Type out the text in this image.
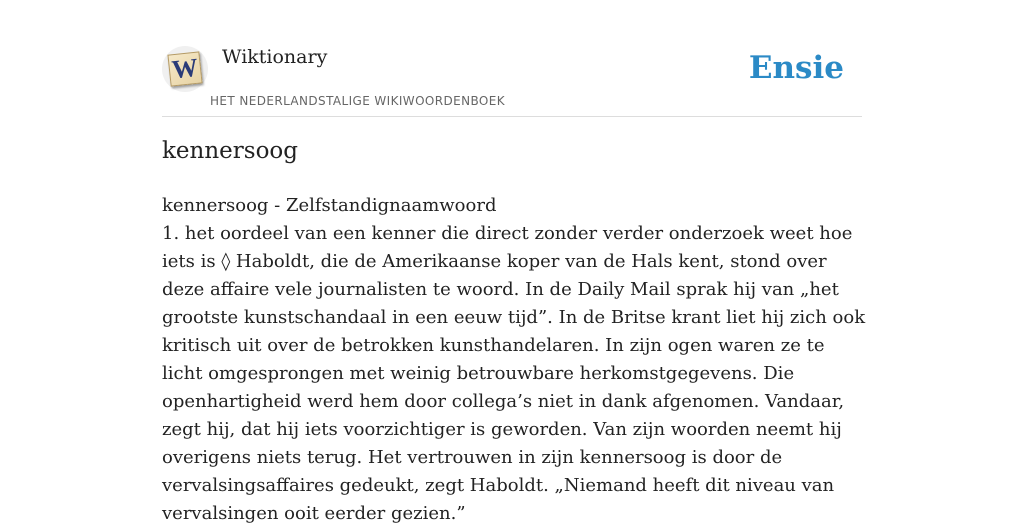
W Wiktionary
HET NEDERLANDSTALIGE WIKIWOORDENBOEK
Ensie
kennersoog

kennersoog - Zelfstandignaamwoord

1. het oordeel van een kenner die direct zonder verder onderzoek weet hoe iets is ◊ Haboldt, die de Amerikaanse koper van de Hals kent, stond over deze affaire vele journalisten te woord. In de Daily Mail sprak hij van „het grootste kunstschandaal in een eeuw tijd”. In de Britse krant liet hij zich ook kritisch uit over de betrokken kunsthandelaren. In zijn ogen waren ze te licht omgesprongen met weinig betrouwbare herkomstgegevens. Die openhartigheid werd hem door collega’s niet in dank afgenomen. Vandaar, zegt hij, dat hij iets voorzichtiger is geworden. Van zijn woorden neemt hij overigens niets terug. Het vertrouwen in zijn kennersoog is door de vervalsingsaffaires gedeukt, zegt Haboldt. „Niemand heeft dit niveau van vervalsingen ooit eerder gezien.”
